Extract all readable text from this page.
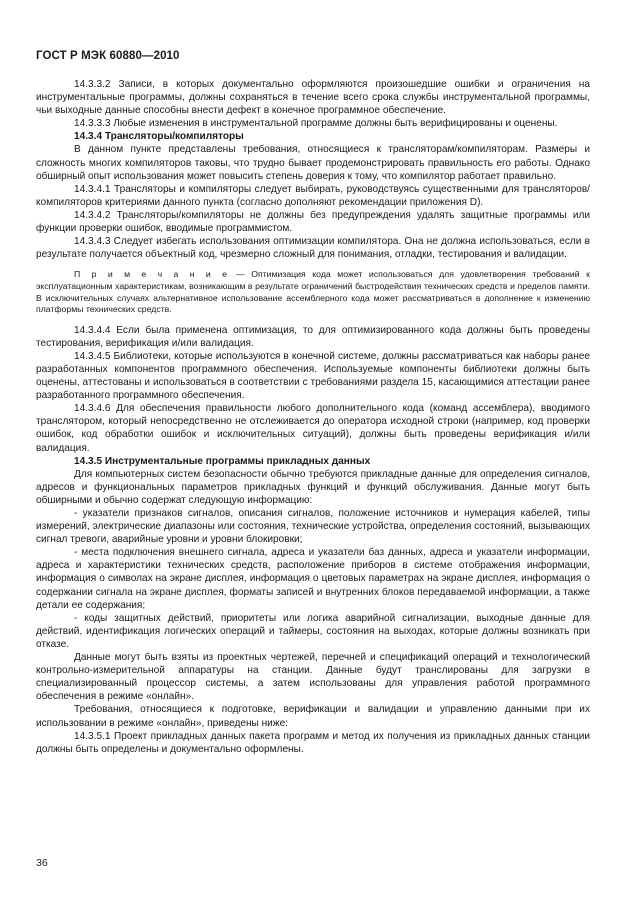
ГОСТ Р МЭК 60880—2010

14.3.3.2 Записи, в которых документально оформляются произошедшие ошибки и ограничения на инструментальные программы, должны сохраняться в течение всего срока службы инструментальной программы, чьи выходные данные способны внести дефект в конечное программное обеспечение.

14.3.3.3 Любые изменения в инструментальной программе должны быть верифицированы и оценены.

14.3.4 Трансляторы/компиляторы

В данном пункте представлены требования, относящиеся к трансляторам/компиляторам. Размеры и сложность многих компиляторов таковы, что трудно бывает продемонстрировать правильность его работы. Однако обширный опыт использования может повысить степень доверия к тому, что компилятор работает правильно.

14.3.4.1 Трансляторы и компиляторы следует выбирать, руководствуясь существенными для трансляторов/компиляторов критериями данного пункта (согласно дополняют рекомендации приложения D).

14.3.4.2 Трансляторы/компиляторы не должны без предупреждения удалять защитные программы или функции проверки ошибок, вводимые программистом.

14.3.4.3 Следует избегать использования оптимизации компилятора. Она не должна использоваться, если в результате получается объектный код, чрезмерно сложный для понимания, отладки, тестирования и валидации.

П р и м е ч а н и е — Оптимизация кода может использоваться для удовлетворения требований к эксплуатационным характеристикам, возникающим в результате ограничений быстродействия технических средств и пределов памяти. В исключительных случаях альтернативное использование ассемблерного кода может рассматриваться в дополнение к изменению платформы технических средств.

14.3.4.4 Если была применена оптимизация, то для оптимизированного кода должны быть проведены тестирования, верификация и/или валидация.

14.3.4.5 Библиотеки, которые используются в конечной системе, должны рассматриваться как наборы ранее разработанных компонентов программного обеспечения. Используемые компоненты библиотеки должны быть оценены, аттестованы и использоваться в соответствии с требованиями раздела 15, касающимися аттестации ранее разработанного программного обеспечения.

14.3.4.6 Для обеспечения правильности любого дополнительного кода (команд ассемблера), вводимого транслятором, который непосредственно не отслеживается до оператора исходной строки (например, код проверки ошибок, код обработки ошибок и исключительных ситуаций), должны быть проведены верификация и/или валидация.

14.3.5 Инструментальные программы прикладных данных

Для компьютерных систем безопасности обычно требуются прикладные данные для определения сигналов, адресов и функциональных параметров прикладных функций и функций обслуживания. Данные могут быть обширными и обычно содержат следующую информацию:

- указатели признаков сигналов, описания сигналов, положение источников и нумерация кабелей, типы измерений, электрические диапазоны или состояния, технические устройства, определения состояний, вызывающих сигнал тревоги, аварийные уровни и уровни блокировки;

- места подключения внешнего сигнала, адреса и указатели баз данных, адреса и указатели информации, адреса и характеристики технических средств, расположение приборов в системе отображения информации, информация о символах на экране дисплея, информация о цветовых параметрах на экране дисплея, информация о содержании сигнала на экране дисплея, форматы записей и внутренних блоков передаваемой информации, а также детали ее содержания;

- коды защитных действий, приоритеты или логика аварийной сигнализации, выходные данные для действий, идентификация логических операций и таймеры, состояния на выходах, которые должны возникать при отказе.

Данные могут быть взяты из проектных чертежей, перечней и спецификаций операций и технологический контрольно-измерительной аппаратуры на станции. Данные будут транслированы для загрузки в специализированный процессор системы, а затем использованы для управления работой программного обеспечения в режиме «онлайн».

Требования, относящиеся к подготовке, верификации и валидации и управлению данными при их использовании в режиме «онлайн», приведены ниже:

14.3.5.1 Проект прикладных данных пакета программ и метод их получения из прикладных данных станции должны быть определены и документально оформлены.

36
